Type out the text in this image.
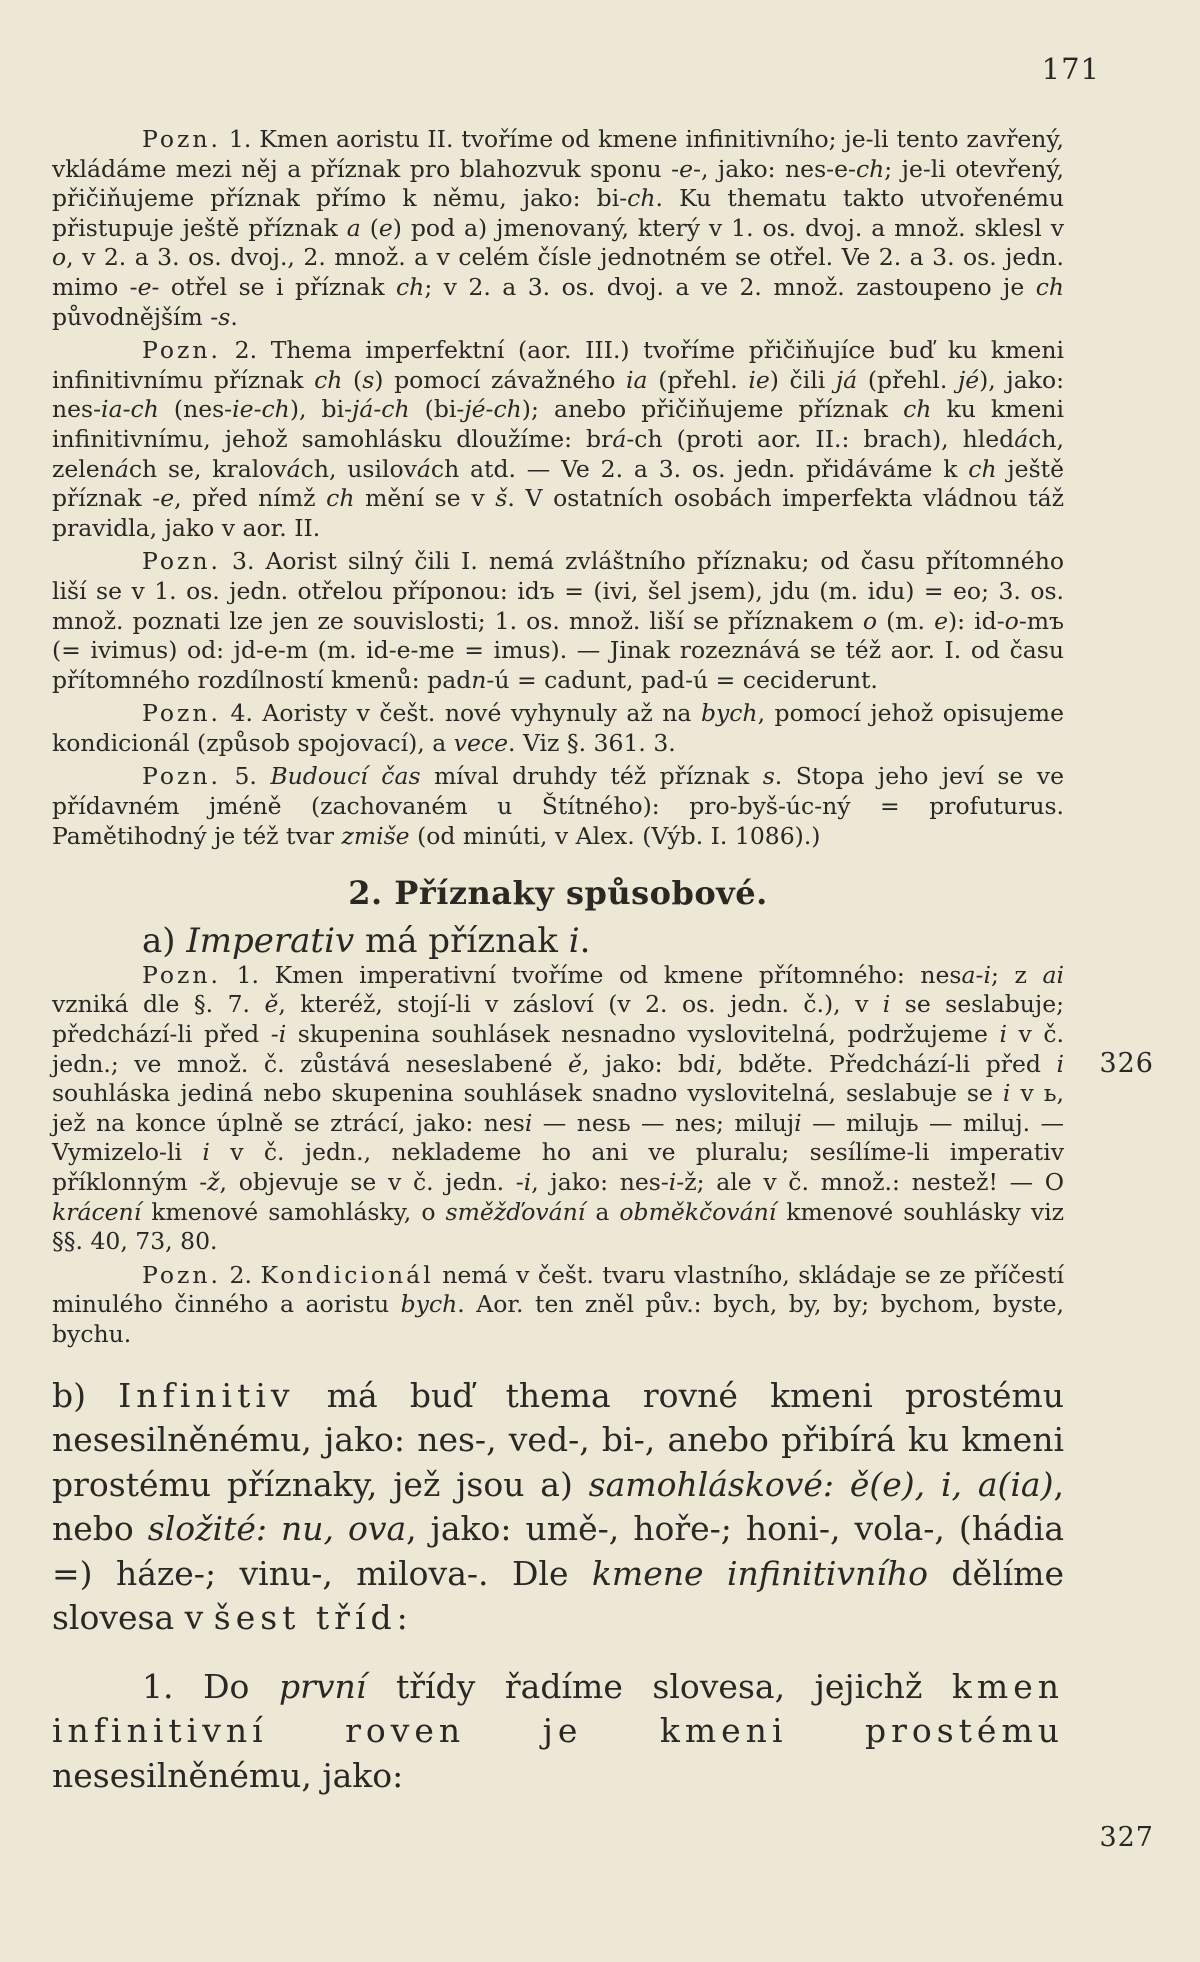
171

Pozn. 1. Kmen aoristu II. tvoříme od kmene infinitivního; je-li tento zavřený, vkládáme mezi něj a příznak pro blahozvuk sponu -e-, jako: nes-e-ch; je-li otevřený, přičiňujeme příznak přímo k němu, jako: bi-ch. Ku thematu takto utvořenému přistupuje ještě příznak a (e) pod a) jmenovaný, který v 1. os. dvoj. a množ. sklesl v o, v 2. a 3. os. dvoj., 2. množ. a v celém čísle jednotném se otřel. Ve 2. a 3. os. jedn. mimo -e- otřel se i příznak ch; v 2. a 3. os. dvoj. a ve 2. množ. zastoupeno je ch původnějším -s.

Pozn. 2. Thema imperfektní (aor. III.) tvoříme přičiňujíce buď ku kmeni infinitivnímu příznak ch (s) pomocí závažného ia (přehl. ie) čili já (přehl. jé), jako: nes-ia-ch (nes-ie-ch), bi-já-ch (bi-jé-ch); anebo přičiňujeme příznak ch ku kmeni infinitivnímu, jehož samohlásku dloužíme: brá-ch (proti aor. II.: brach), hledách, zelenách se, kralovách, usilovách atd. — Ve 2. a 3. os. jedn. přidáváme k ch ještě příznak -e, před nímž ch mění se v š. V ostatních osobách imperfekta vládnou táž pravidla, jako v aor. II.

Pozn. 3. Aorist silný čili I. nemá zvláštního příznaku; od času přítomného liší se v 1. os. jedn. otřelou příponou: idъ = (ivi, šel jsem), jdu (m. idu) = eo; 3. os. množ. poznati lze jen ze souvislosti; 1. os. množ. liší se příznakem o (m. e): id-o-mъ (= ivimus) od: jd-e-m (m. id-e-me = imus). — Jinak rozeznává se též aor. I. od času přítomného rozdílností kmenů: padn-ú = cadunt, pad-ú = ceciderunt.

Pozn. 4. Aoristy v češt. nové vyhynuly až na bych, pomocí jehož opisujeme kondicionál (způsob spojovací), a vece. Viz §. 361. 3.

Pozn. 5. Budoucí čas míval druhdy též příznak s. Stopa jeho jeví se ve přídavném jméně (zachovaném u Štítného): pro-byš-úc-ný = profuturus. Pamětihodný je též tvar zmiše (od minúti, v Alex. (Výb. I. 1086).)

2. Příznaky spůsobové.

a) Imperativ má příznak i.

Pozn. 1. Kmen imperativní tvoříme od kmene přítomného: nesa-i; z ai vzniká dle §. 7. ě, kteréž, stojí-li v zásloví (v 2. os. jedn. č.), v i se seslabuje; předchází-li před -i skupenina souhlásek nesnadno vyslovitelná, podržujeme i v č. jedn.; ve množ. č. zůstává neseslabené ě, jako: bdi, bděte. Předchází-li před i souhláska jediná nebo skupenina souhlásek snadno vyslovitelná, seslabuje se i v ь, jež na konce úplně se ztrácí, jako: nesi — nesь — nes; miluji — milujь — miluj. — Vymizelo-li i v č. jedn., neklademe ho ani ve pluralu; sesílíme-li imperativ příklonným -ž, objevuje se v č. jedn. -i, jako: nes-i-ž; ale v č. množ.: nestež! — O krácení kmenové samohlásky, o směžďování a obměkčování kmenové souhlásky viz §§. 40, 73, 80.

Pozn. 2. Kondicionál nemá v češt. tvaru vlastního, skládaje se ze příčestí minulého činného a aoristu bych. Aor. ten zněl pův.: bych, by, by; bychom, byste, bychu.

b) Infinitiv má buď thema rovné kmeni prostému nesesilněnému, jako: nes-, ved-, bi-, anebo přibírá ku kmeni prostému příznaky, jež jsou a) samohláskové: ě(e), i, a(ia), nebo složité: nu, ova, jako: umě-, hoře-; honi-, vola-, (hádia =) háze-; vinu-, milova-. Dle kmene infinitivního dělíme slovesa v šest tříd:

1. Do první třídy řadíme slovesa, jejichž kmen infinitivní roven je kmeni prostému nesesilněnému, jako:

326
327
